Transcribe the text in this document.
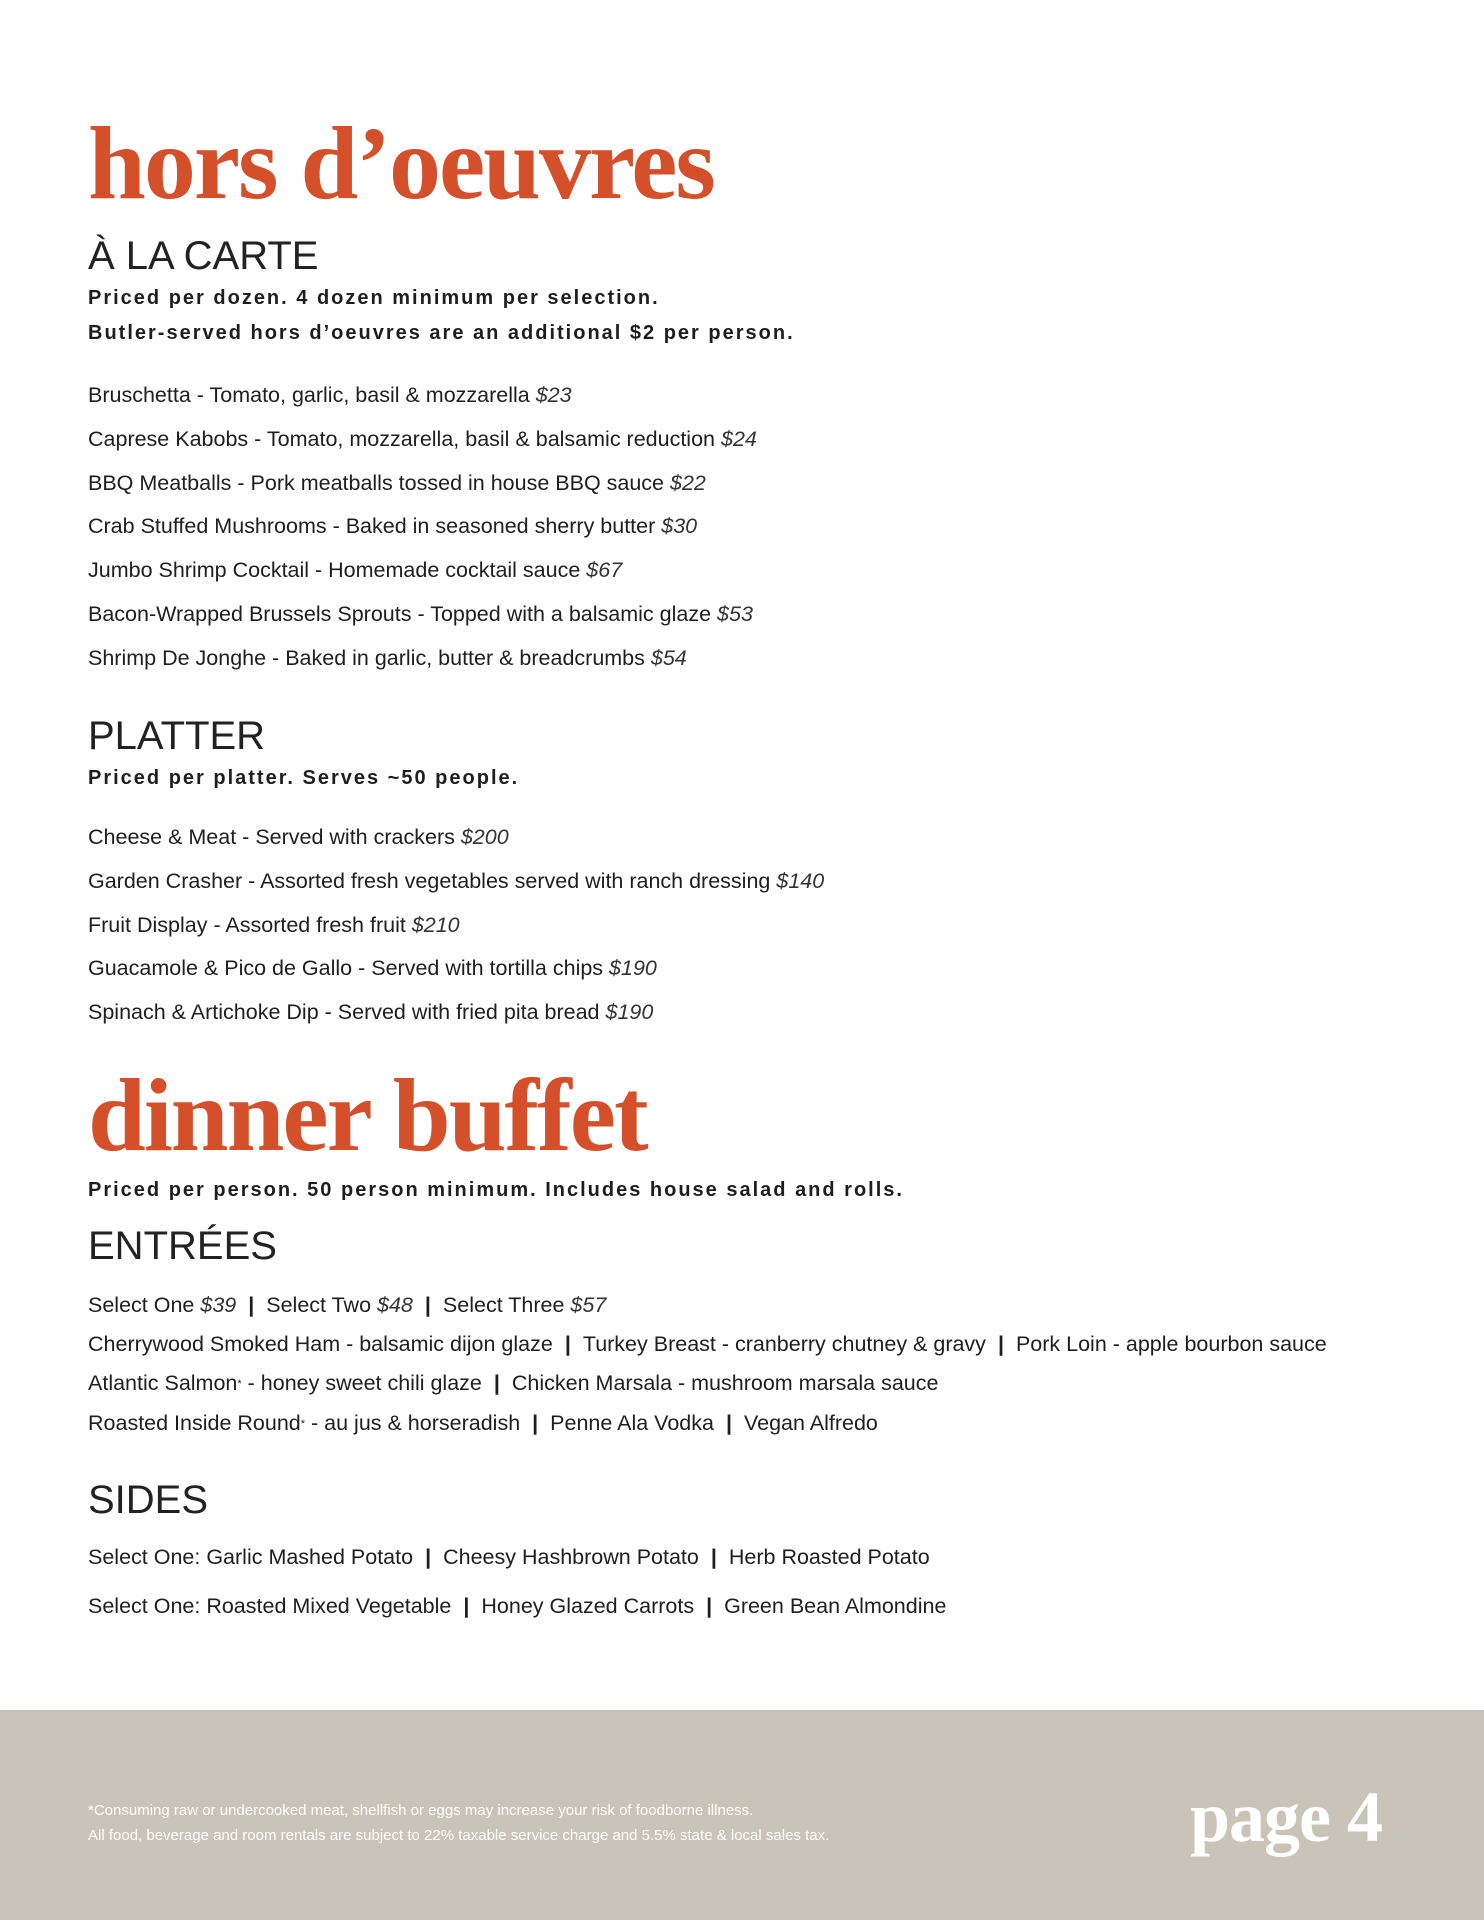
hors d’oeuvres
À LA CARTE
Priced per dozen. 4 dozen minimum per selection.
Butler-served hors d’oeuvres are an additional $2 per person.
Bruschetta - Tomato, garlic, basil & mozzarella $23
Caprese Kabobs - Tomato, mozzarella, basil & balsamic reduction $24
BBQ Meatballs - Pork meatballs tossed in house BBQ sauce $22
Crab Stuffed Mushrooms - Baked in seasoned sherry butter $30
Jumbo Shrimp Cocktail - Homemade cocktail sauce $67
Bacon-Wrapped Brussels Sprouts - Topped with a balsamic glaze $53
Shrimp De Jonghe - Baked in garlic, butter & breadcrumbs $54
PLATTER
Priced per platter. Serves ~50 people.
Cheese & Meat - Served with crackers $200
Garden Crasher - Assorted fresh vegetables served with ranch dressing $140
Fruit Display - Assorted fresh fruit $210
Guacamole & Pico de Gallo - Served with tortilla chips $190
Spinach & Artichoke Dip - Served with fried pita bread $190
dinner buffet
Priced per person. 50 person minimum. Includes house salad and rolls.
ENTRÉES
Select One $39 | Select Two $48 | Select Three $57
Cherrywood Smoked Ham - balsamic dijon glaze | Turkey Breast - cranberry chutney & gravy | Pork Loin - apple bourbon sauce
Atlantic Salmon* - honey sweet chili glaze | Chicken Marsala - mushroom marsala sauce
Roasted Inside Round* - au jus & horseradish | Penne Ala Vodka | Vegan Alfredo
SIDES
Select One: Garlic Mashed Potato | Cheesy Hashbrown Potato | Herb Roasted Potato
Select One: Roasted Mixed Vegetable | Honey Glazed Carrots | Green Bean Almondine
*Consuming raw or undercooked meat, shellfish or eggs may increase your risk of foodborne illness.
All food, beverage and room rentals are subject to 22% taxable service charge and 5.5% state & local sales tax.	page 4
